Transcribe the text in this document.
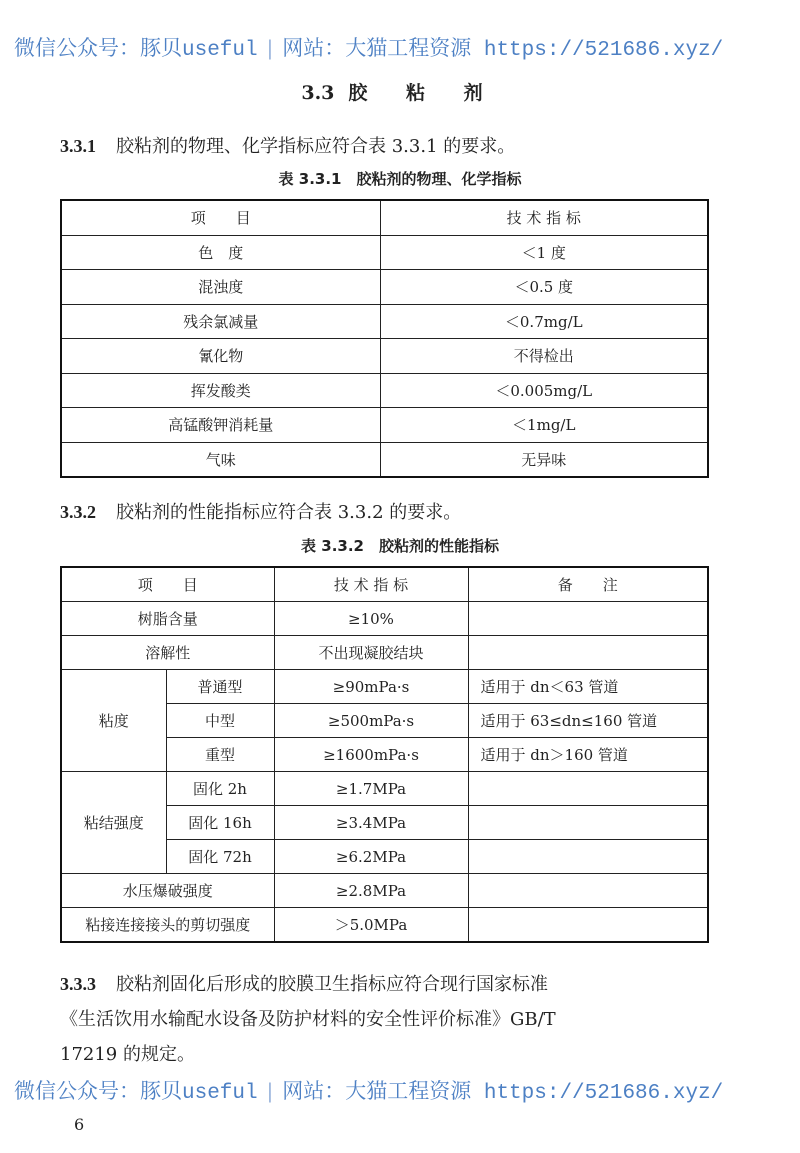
微信公众号：豚贝useful | 网站：大猫工程资源 https://521686.xyz/
3.3 胶 粘 剂
3.3.1 胶粘剂的物理、化学指标应符合表 3.3.1 的要求。
表 3.3.1　胶粘剂的物理、化学指标
项　　目	技 术 指 标
色　度	＜1 度
混浊度	＜0.5 度
残余氯减量	＜0.7mg/L
氰化物	不得检出
挥发酸类	＜0.005mg/L
高锰酸钾消耗量	＜1mg/L
气味	无异味
3.3.2 胶粘剂的性能指标应符合表 3.3.2 的要求。
表 3.3.2　胶粘剂的性能指标
项　　目		技 术 指 标	备　　注
树脂含量		≥10%	
溶解性		不出现凝胶结块	
粘度	普通型	≥90mPa·s	适用于 dn＜63 管道
	中型	≥500mPa·s	适用于 63≤dn≤160 管道
	重型	≥1600mPa·s	适用于 dn＞160 管道
粘结强度	固化 2h	≥1.7MPa	
	固化 16h	≥3.4MPa	
	固化 72h	≥6.2MPa	
水压爆破强度		≥2.8MPa	
粘接连接接头的剪切强度		＞5.0MPa	
3.3.3 胶粘剂固化后形成的胶膜卫生指标应符合现行国家标准
《生活饮用水输配水设备及防护材料的安全性评价标准》GB/T
17219 的规定。
微信公众号：豚贝useful | 网站：大猫工程资源 https://521686.xyz/
6
